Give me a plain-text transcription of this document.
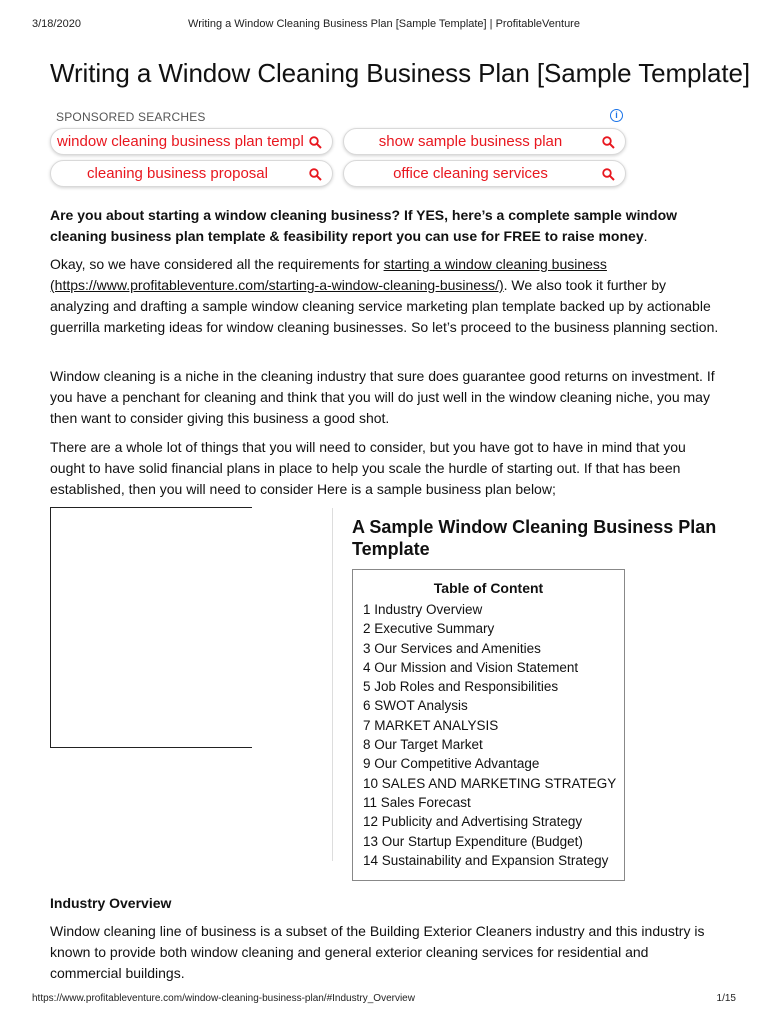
3/18/2020	Writing a Window Cleaning Business Plan [Sample Template] | ProfitableVenture
Writing a Window Cleaning Business Plan [Sample Template]
SPONSORED SEARCHES	i
window cleaning business plan templ	show sample business plan
cleaning business proposal	office cleaning services

Are you about starting a window cleaning business? If YES, here’s a complete sample window cleaning business plan template & feasibility report you can use for FREE to raise money.

Okay, so we have considered all the requirements for starting a window cleaning business
(https://www.profitableventure.com/starting-a-window-cleaning-business/). We also took it further by analyzing and drafting a sample window cleaning service marketing plan template backed up by actionable guerrilla marketing ideas for window cleaning businesses. So let’s proceed to the business planning section.

Window cleaning is a niche in the cleaning industry that sure does guarantee good returns on investment. If you have a penchant for cleaning and think that you will do just well in the window cleaning niche, you may then want to consider giving this business a good shot.

There are a whole lot of things that you will need to consider, but you have got to have in mind that you ought to have solid financial plans in place to help you scale the hurdle of starting out. If that has been established, then you will need to consider Here is a sample business plan below;

A Sample Window Cleaning Business Plan Template
Table of Content
1 Industry Overview
2 Executive Summary
3 Our Services and Amenities
4 Our Mission and Vision Statement
5 Job Roles and Responsibilities
6 SWOT Analysis
7 MARKET ANALYSIS
8 Our Target Market
9 Our Competitive Advantage
10 SALES AND MARKETING STRATEGY
11 Sales Forecast
12 Publicity and Advertising Strategy
13 Our Startup Expenditure (Budget)
14 Sustainability and Expansion Strategy
Industry Overview

Window cleaning line of business is a subset of the Building Exterior Cleaners industry and this industry is known to provide both window cleaning and general exterior cleaning services for residential and commercial buildings.

https://www.profitableventure.com/window-cleaning-business-plan/#Industry_Overview	1/15
